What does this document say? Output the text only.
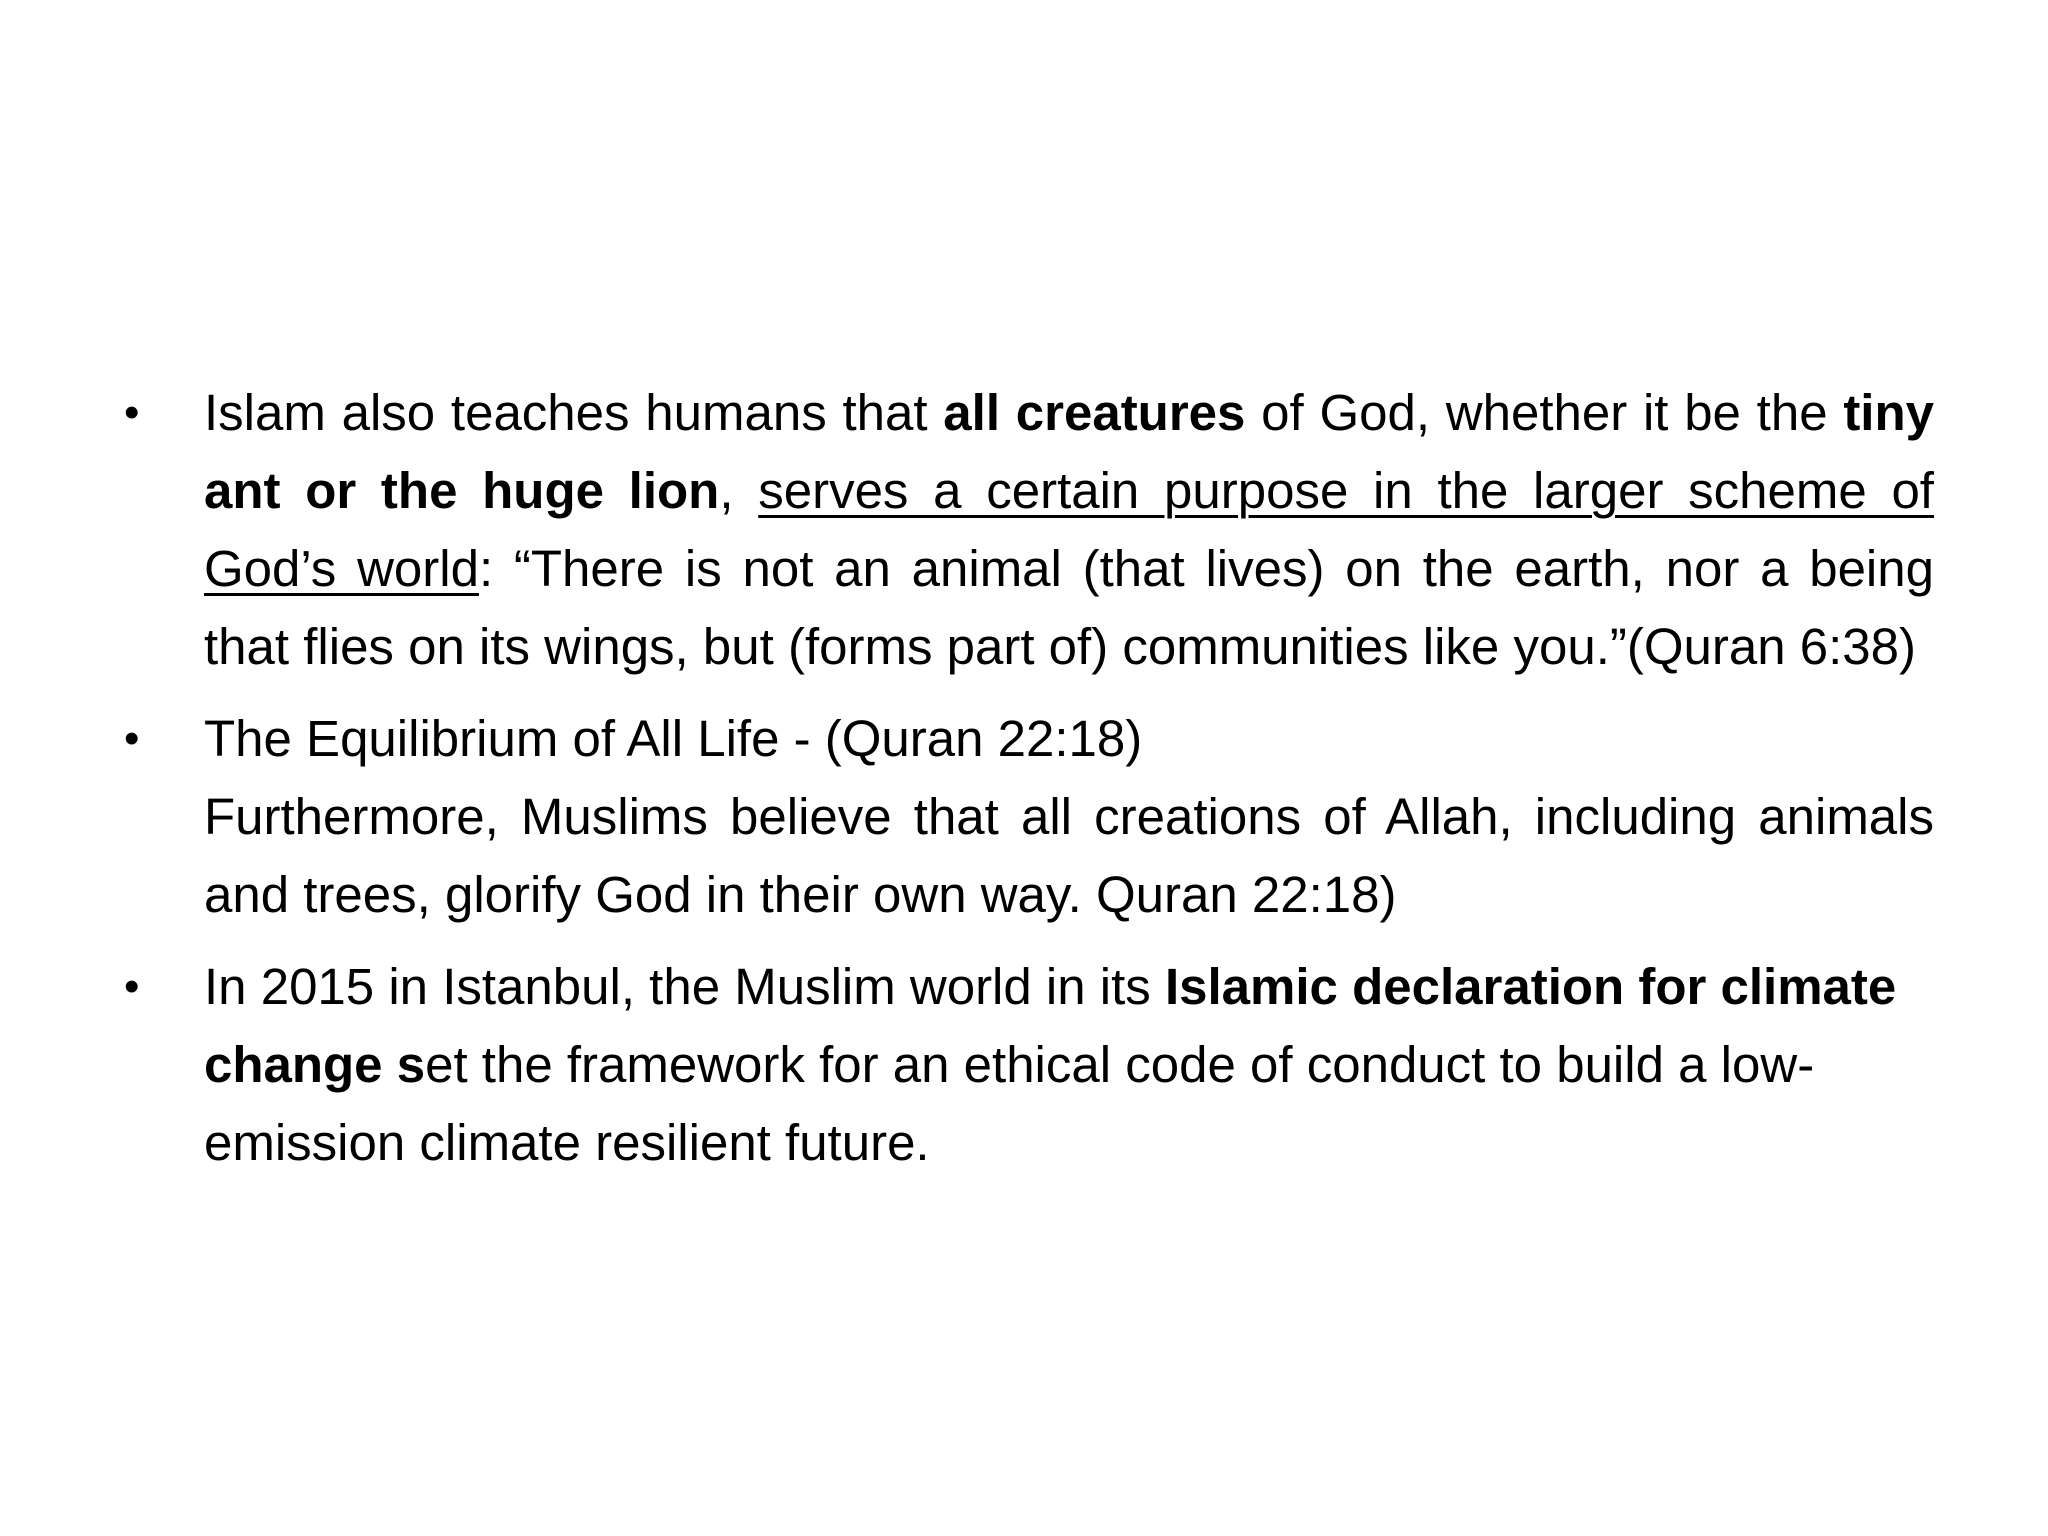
• Islam also teaches humans that all creatures of God, whether it be the tiny ant or the huge lion, serves a certain purpose in the larger scheme of God’s world: “There is not an animal (that lives) on the earth, nor a being that flies on its wings, but (forms part of) communities like you.”(Quran 6:38)
• The Equilibrium of All Life - (Quran 22:18)
Furthermore, Muslims believe that all creations of Allah, including animals and trees, glorify God in their own way. Quran 22:18)
• In 2015 in Istanbul, the Muslim world in its Islamic declaration for climate change set the framework for an ethical code of conduct to build a low-emission climate resilient future.
